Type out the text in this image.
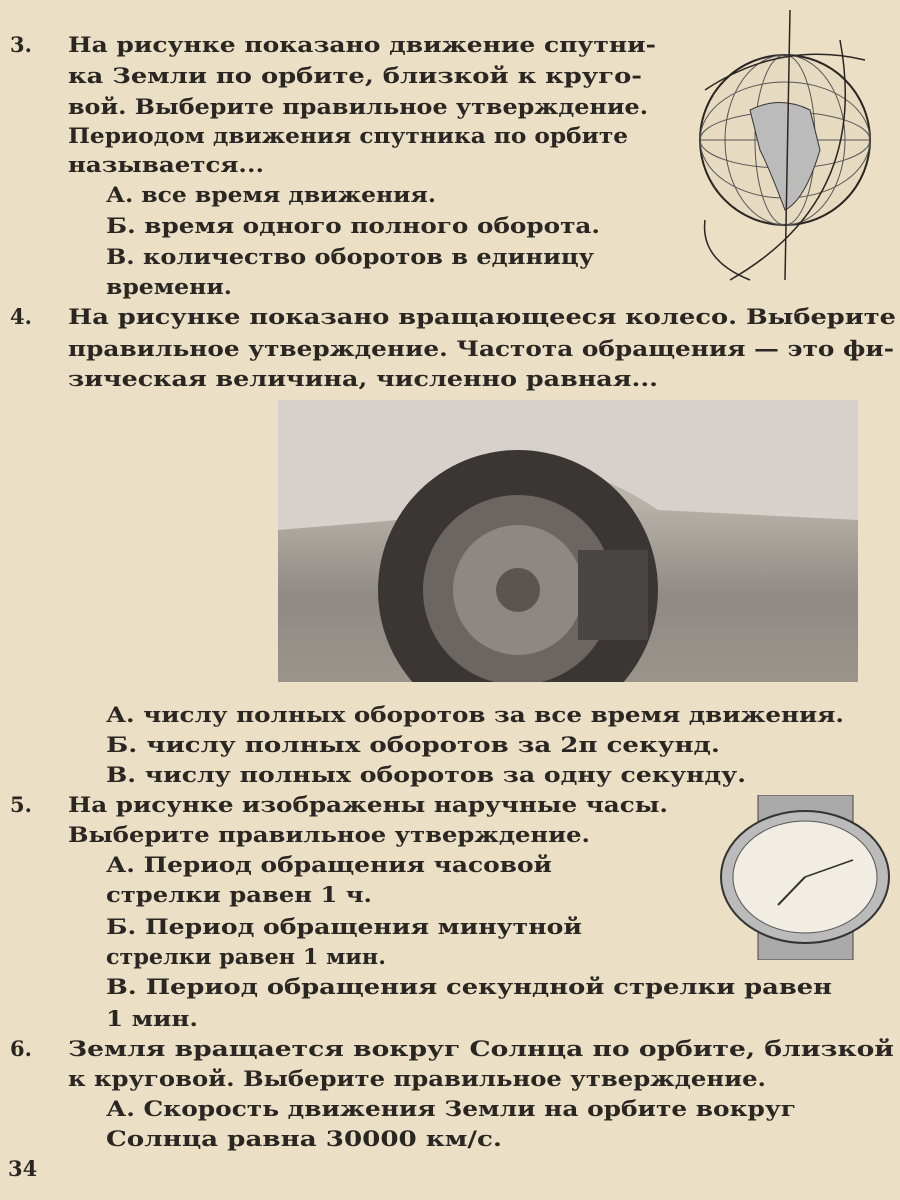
3. На рисунке показано движение спутни-
ка Земли по орбите, близкой к круго-
вой. Выберите правильное утверждение.
Периодом движения спутника по орбите
называется...
А. все время движения.
Б. время одного полного оборота.
В. количество оборотов в единицу
времени.
4. На рисунке показано вращающееся колесо. Выберите
правильное утверждение. Частота обращения — это фи-
зическая величина, численно равная...
А. числу полных оборотов за все время движения.
Б. числу полных оборотов за 2π секунд.
В. числу полных оборотов за одну секунду.
5. На рисунке изображены наручные часы.
Выберите правильное утверждение.
А. Период обращения часовой
стрелки равен 1 ч.
Б. Период обращения минутной
стрелки равен 1 мин.
В. Период обращения секундной стрелки равен
1 мин.
6. Земля вращается вокруг Солнца по орбите, близкой
к круговой. Выберите правильное утверждение.
А. Скорость движения Земли на орбите вокруг
Солнца равна 30000 км/с.
34
